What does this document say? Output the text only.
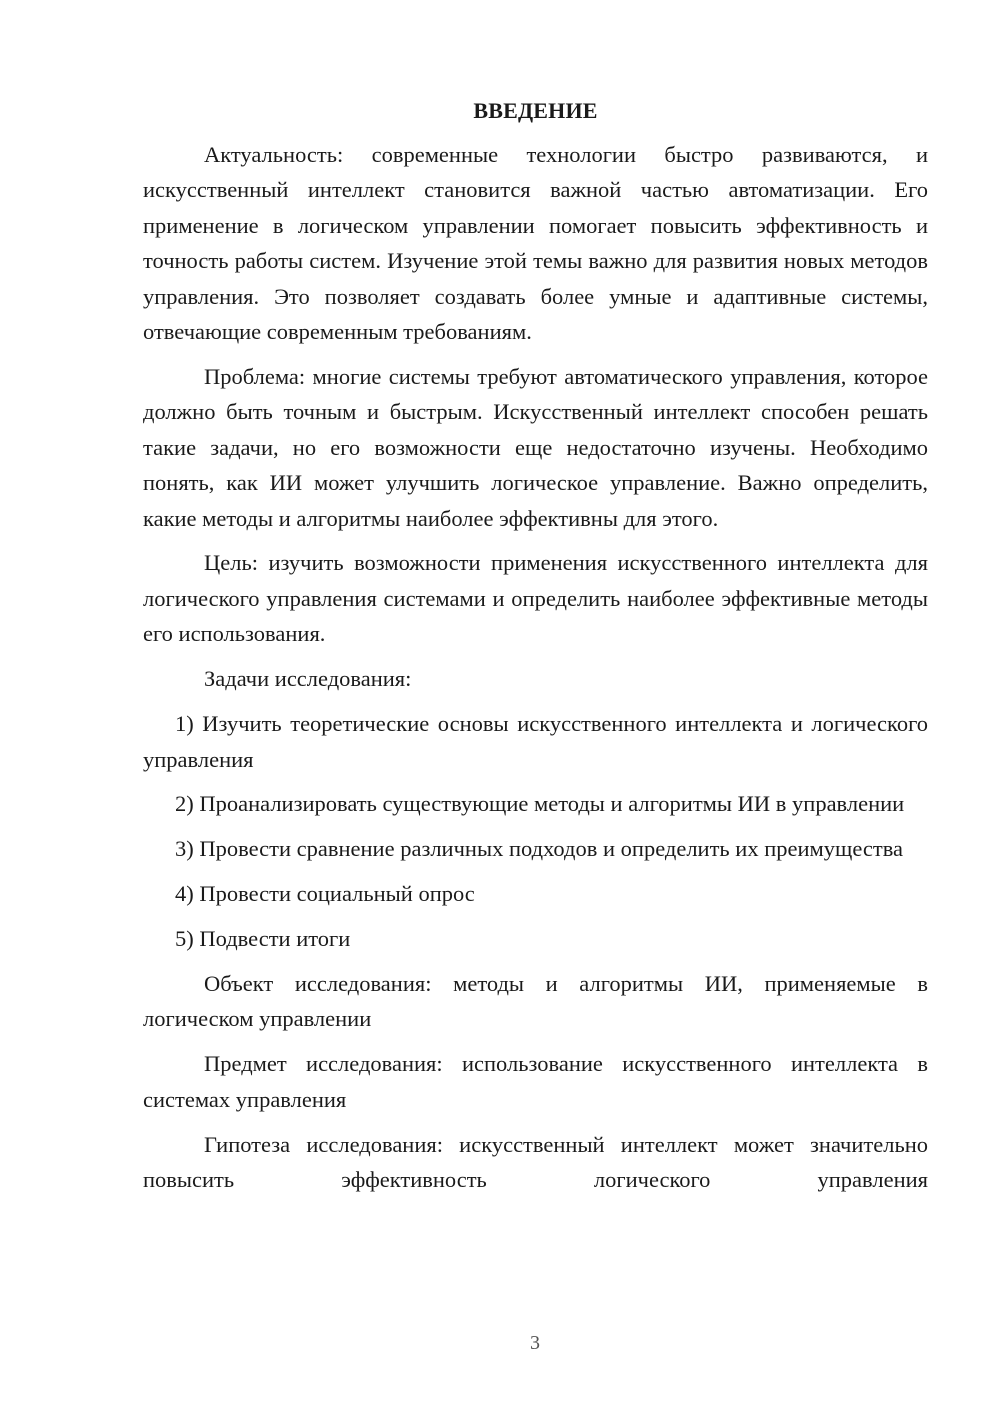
ВВЕДЕНИЕ

Актуальность: современные технологии быстро развиваются, и искусственный интеллект становится важной частью автоматизации. Его применение в логическом управлении помогает повысить эффективность и точность работы систем. Изучение этой темы важно для развития новых методов управления. Это позволяет создавать более умные и адаптивные системы, отвечающие современным требованиям.

Проблема: многие системы требуют автоматического управления, которое должно быть точным и быстрым. Искусственный интеллект способен решать такие задачи, но его возможности еще недостаточно изучены. Необходимо понять, как ИИ может улучшить логическое управление. Важно определить, какие методы и алгоритмы наиболее эффективны для этого.

Цель: изучить возможности применения искусственного интеллекта для логического управления системами и определить наиболее эффективные методы его использования.

Задачи исследования:

1) Изучить теоретические основы искусственного интеллекта и логического управления

2) Проанализировать существующие методы и алгоритмы ИИ в управлении

3) Провести сравнение различных подходов и определить их преимущества

4) Провести социальный опрос

5) Подвести итоги

Объект исследования: методы и алгоритмы ИИ, применяемые в логическом управлении

Предмет исследования: использование искусственного интеллекта в системах управления

Гипотеза исследования: искусственный интеллект может значительно повысить эффективность логического управления

3
